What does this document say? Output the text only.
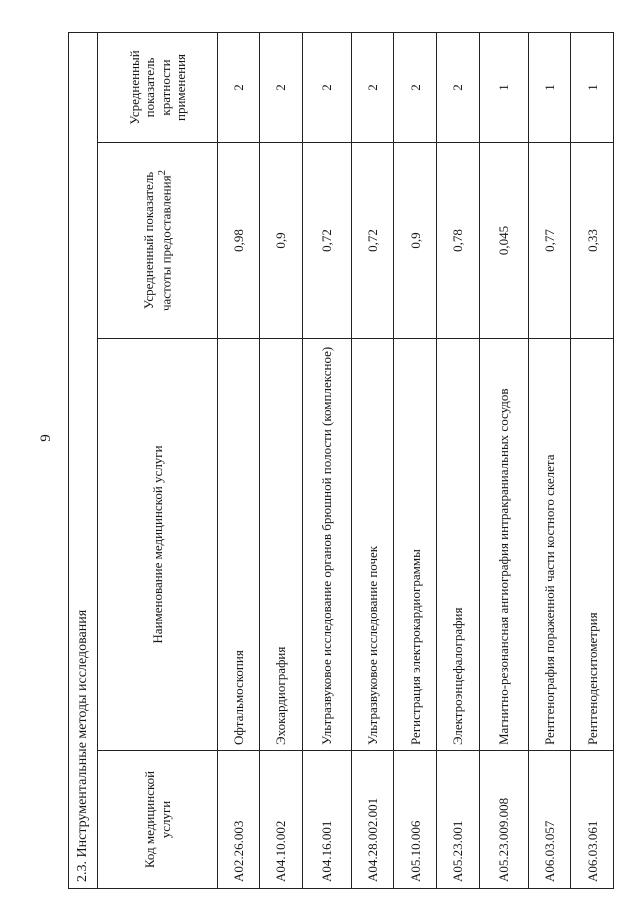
9
2.3. Инструментальные методы исследования			
Код медицинской услуги	Наименование медицинской услуги	Усредненный показатель частоты предоставления$^2$	Усредненный показатель кратности применения
A02.26.003	Офтальмоскопия	0,98	2
A04.10.002	Эхокардиография	0,9	2
A04.16.001	Ультразвуковое исследование органов брюшной полости (комплексное)	0,72	2
A04.28.002.001	Ультразвуковое исследование почек	0,72	2
A05.10.006	Регистрация электрокардиограммы	0,9	2
A05.23.001	Электроэнцефалография	0,78	2
A05.23.009.008	Магнитно-резонансная ангиография интракраниальных сосудов	0,045	1
A06.03.057	Рентгенография пораженной части костного скелета	0,77	1
A06.03.061	Рентгеноденситометрия	0,33	1
